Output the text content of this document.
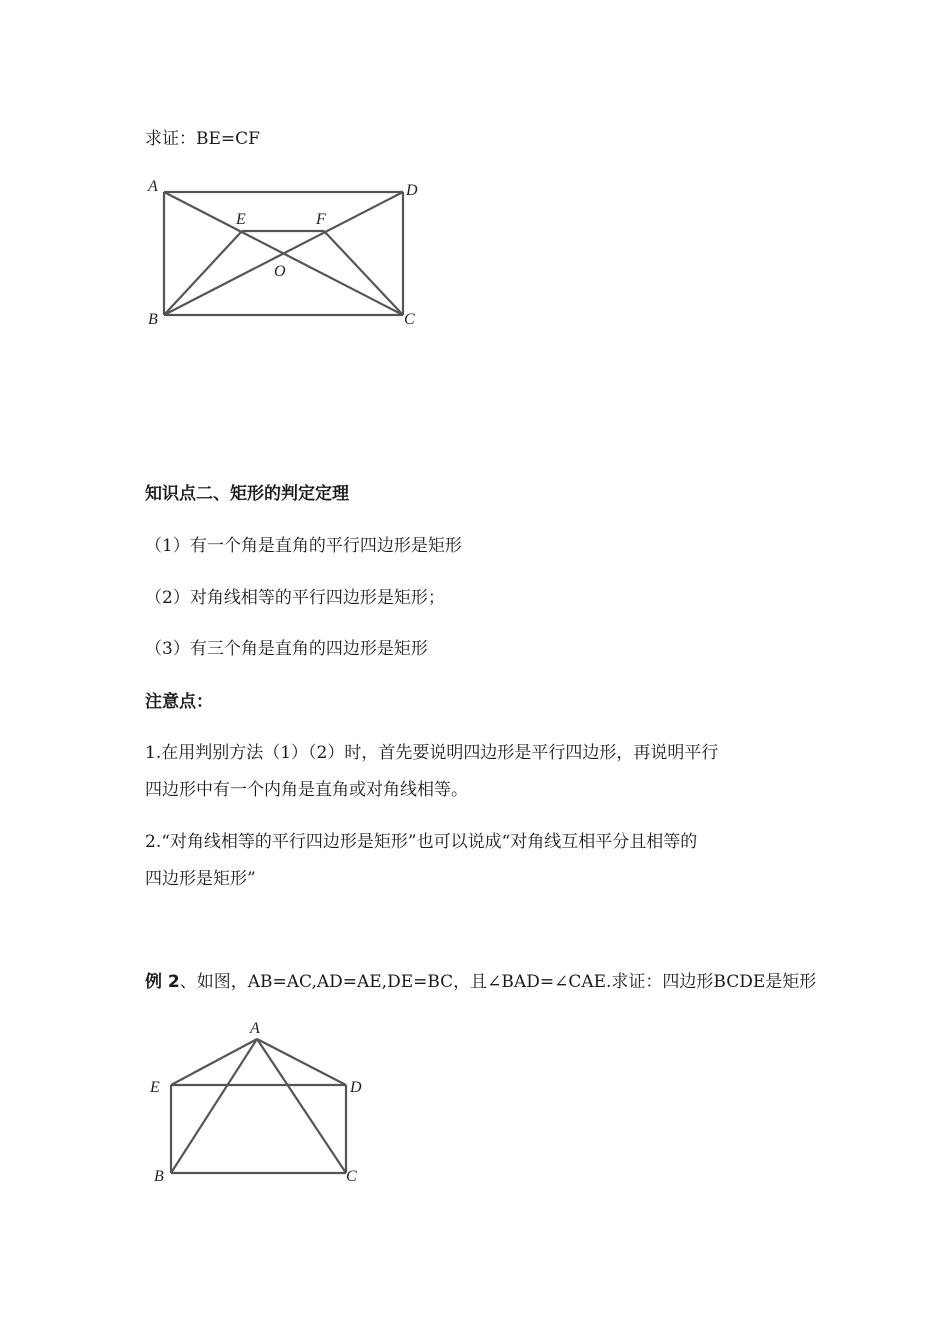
求证：BE=CF
A	D
E	F
O
B	C
知识点二、矩形的判定定理
（1）有一个角是直角的平行四边形是矩形
（2）对角线相等的平行四边形是矩形；
（3）有三个角是直角的四边形是矩形
注意点：
1.在用判别方法（1）（2）时，首先要说明四边形是平行四边形，再说明平行
四边形中有一个内角是直角或对角线相等。
2.“对角线相等的平行四边形是矩形”也可以说成“对角线互相平分且相等的
四边形是矩形”
例 2、如图，AB=AC,AD=AE,DE=BC，且∠BAD=∠CAE.求证：四边形BCDE是矩形
A
E	D
B	C
